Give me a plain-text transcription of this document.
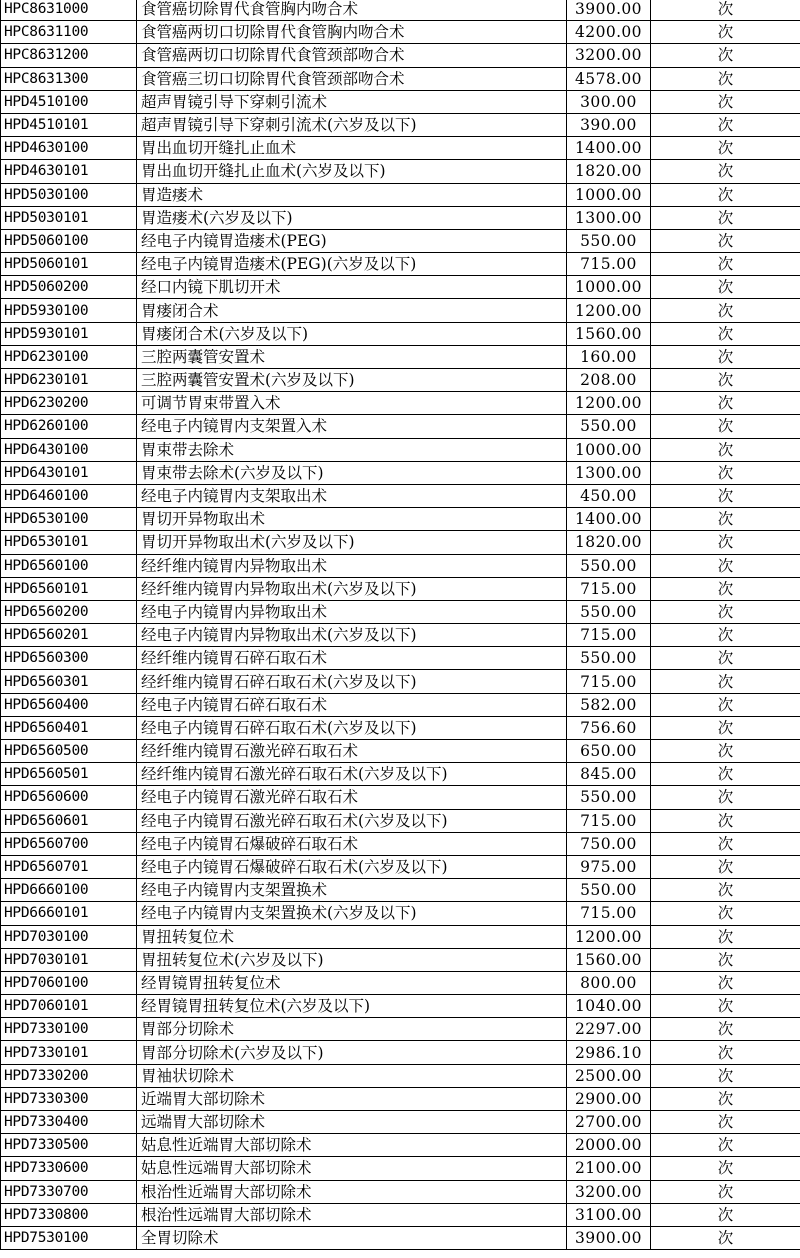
HPC8631000	食管癌切除胃代食管胸内吻合术	3900.00	次
HPC8631100	食管癌两切口切除胃代食管胸内吻合术	4200.00	次
HPC8631200	食管癌两切口切除胃代食管颈部吻合术	3200.00	次
HPC8631300	食管癌三切口切除胃代食管颈部吻合术	4578.00	次
HPD4510100	超声胃镜引导下穿刺引流术	300.00	次
HPD4510101	超声胃镜引导下穿刺引流术(六岁及以下)	390.00	次
HPD4630100	胃出血切开缝扎止血术	1400.00	次
HPD4630101	胃出血切开缝扎止血术(六岁及以下)	1820.00	次
HPD5030100	胃造瘘术	1000.00	次
HPD5030101	胃造瘘术(六岁及以下)	1300.00	次
HPD5060100	经电子内镜胃造瘘术(PEG)	550.00	次
HPD5060101	经电子内镜胃造瘘术(PEG)(六岁及以下)	715.00	次
HPD5060200	经口内镜下肌切开术	1000.00	次
HPD5930100	胃瘘闭合术	1200.00	次
HPD5930101	胃瘘闭合术(六岁及以下)	1560.00	次
HPD6230100	三腔两囊管安置术	160.00	次
HPD6230101	三腔两囊管安置术(六岁及以下)	208.00	次
HPD6230200	可调节胃束带置入术	1200.00	次
HPD6260100	经电子内镜胃内支架置入术	550.00	次
HPD6430100	胃束带去除术	1000.00	次
HPD6430101	胃束带去除术(六岁及以下)	1300.00	次
HPD6460100	经电子内镜胃内支架取出术	450.00	次
HPD6530100	胃切开异物取出术	1400.00	次
HPD6530101	胃切开异物取出术(六岁及以下)	1820.00	次
HPD6560100	经纤维内镜胃内异物取出术	550.00	次
HPD6560101	经纤维内镜胃内异物取出术(六岁及以下)	715.00	次
HPD6560200	经电子内镜胃内异物取出术	550.00	次
HPD6560201	经电子内镜胃内异物取出术(六岁及以下)	715.00	次
HPD6560300	经纤维内镜胃石碎石取石术	550.00	次
HPD6560301	经纤维内镜胃石碎石取石术(六岁及以下)	715.00	次
HPD6560400	经电子内镜胃石碎石取石术	582.00	次
HPD6560401	经电子内镜胃石碎石取石术(六岁及以下)	756.60	次
HPD6560500	经纤维内镜胃石激光碎石取石术	650.00	次
HPD6560501	经纤维内镜胃石激光碎石取石术(六岁及以下)	845.00	次
HPD6560600	经电子内镜胃石激光碎石取石术	550.00	次
HPD6560601	经电子内镜胃石激光碎石取石术(六岁及以下)	715.00	次
HPD6560700	经电子内镜胃石爆破碎石取石术	750.00	次
HPD6560701	经电子内镜胃石爆破碎石取石术(六岁及以下)	975.00	次
HPD6660100	经电子内镜胃内支架置换术	550.00	次
HPD6660101	经电子内镜胃内支架置换术(六岁及以下)	715.00	次
HPD7030100	胃扭转复位术	1200.00	次
HPD7030101	胃扭转复位术(六岁及以下)	1560.00	次
HPD7060100	经胃镜胃扭转复位术	800.00	次
HPD7060101	经胃镜胃扭转复位术(六岁及以下)	1040.00	次
HPD7330100	胃部分切除术	2297.00	次
HPD7330101	胃部分切除术(六岁及以下)	2986.10	次
HPD7330200	胃袖状切除术	2500.00	次
HPD7330300	近端胃大部切除术	2900.00	次
HPD7330400	远端胃大部切除术	2700.00	次
HPD7330500	姑息性近端胃大部切除术	2000.00	次
HPD7330600	姑息性远端胃大部切除术	2100.00	次
HPD7330700	根治性近端胃大部切除术	3200.00	次
HPD7330800	根治性远端胃大部切除术	3100.00	次
HPD7530100	全胃切除术	3900.00	次
